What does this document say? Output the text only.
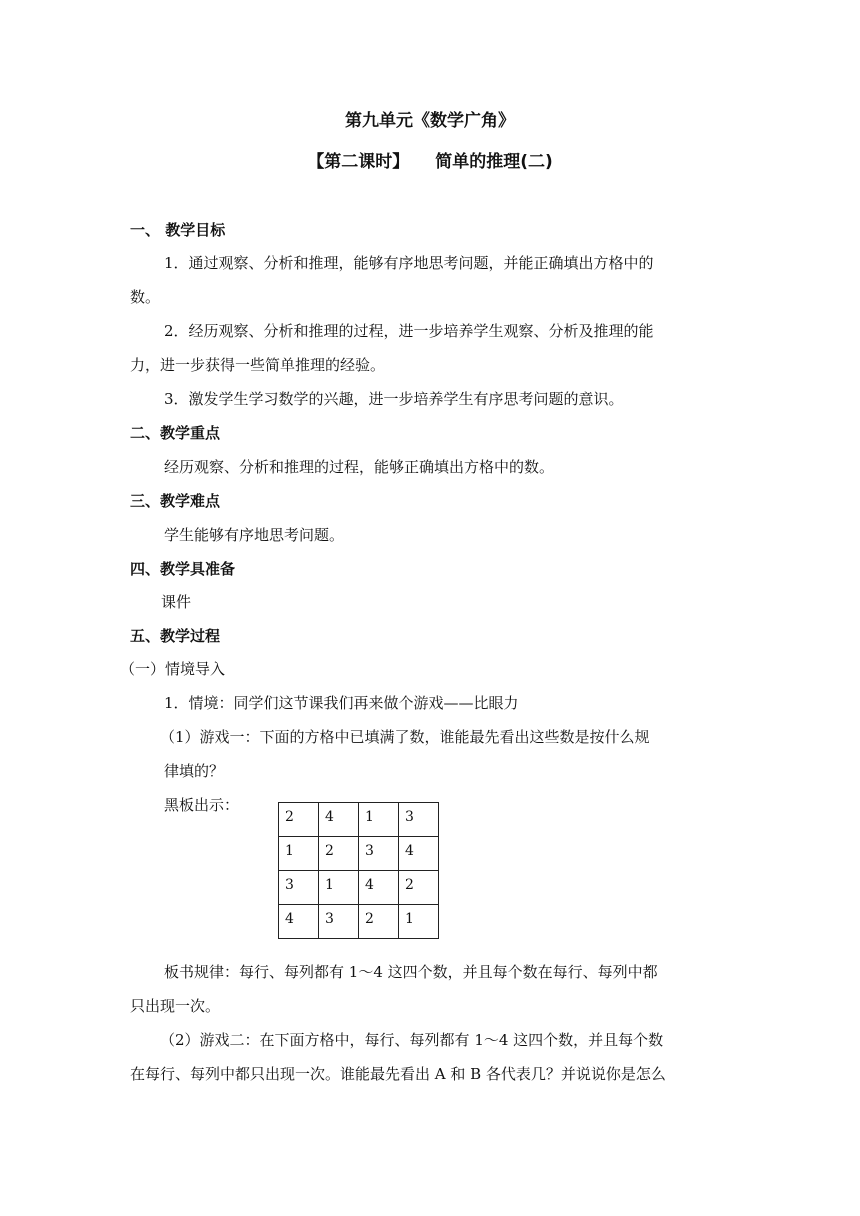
第九单元《数学广角》
【第二课时】 简单的推理(二)
一、 教学目标
1．通过观察、分析和推理，能够有序地思考问题，并能正确填出方格中的
数。
2．经历观察、分析和推理的过程，进一步培养学生观察、分析及推理的能
力，进一步获得一些简单推理的经验。
3．激发学生学习数学的兴趣，进一步培养学生有序思考问题的意识。
二、教学重点
经历观察、分析和推理的过程，能够正确填出方格中的数。
三、教学难点
学生能够有序地思考问题。
四、教学具准备
课件
五、教学过程
（一）情境导入
1．情境：同学们这节课我们再来做个游戏——比眼力
（1）游戏一：下面的方格中已填满了数，谁能最先看出这些数是按什么规
律填的？
黑板出示：
2	4	1	3
1	2	3	4
3	1	4	2
4	3	2	1
板书规律：每行、每列都有 1～4 这四个数，并且每个数在每行、每列中都
只出现一次。
（2）游戏二：在下面方格中，每行、每列都有 1～4 这四个数，并且每个数
在每行、每列中都只出现一次。谁能最先看出 A 和 B 各代表几？并说说你是怎么
